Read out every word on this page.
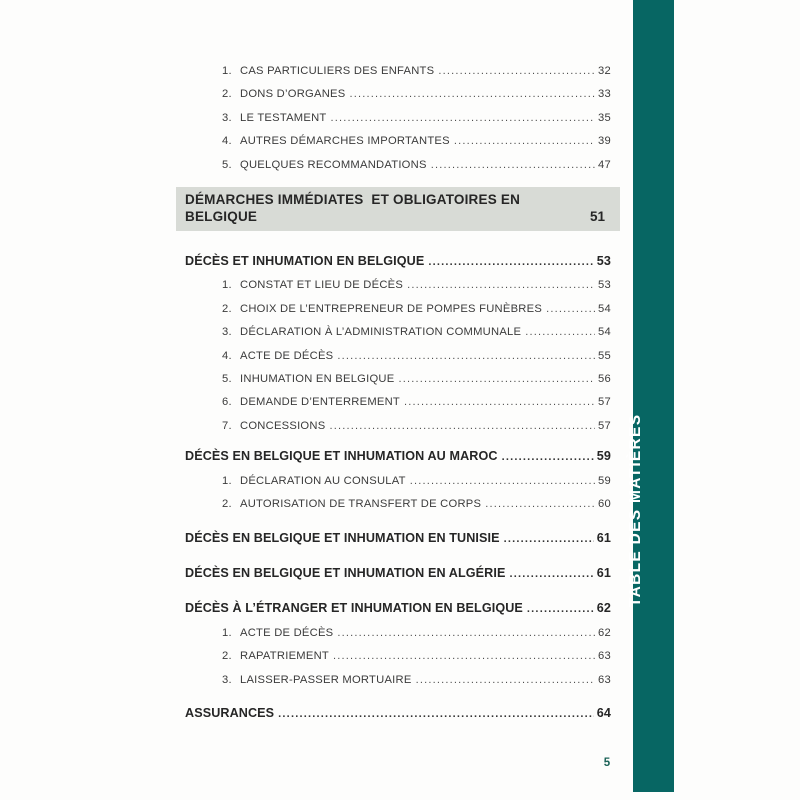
1. CAS PARTICULIERS DES ENFANTS .....	32
2. DONS D’ORGANES .....	33
3. LE TESTAMENT .....	35
4. AUTRES DÉMARCHES IMPORTANTES .....	39
5. QUELQUES RECOMMANDATIONS .....	47
DÉMARCHES IMMÉDIATES  ET OBLIGATOIRES EN
BELGIQUE	51
DÉCÈS ET INHUMATION EN BELGIQUE .....	53
1. CONSTAT ET LIEU DE DÉCÈS .....	53
2. CHOIX DE L’ENTREPRENEUR DE POMPES FUNÈBRES .....	54
3. DÉCLARATION À L’ADMINISTRATION COMMUNALE .....	54
4. ACTE DE DÉCÈS .....	55
5. INHUMATION EN BELGIQUE .....	56
6. DEMANDE D’ENTERREMENT .....	57
7. CONCESSIONS .....	57
DÉCÈS EN BELGIQUE ET INHUMATION AU MAROC .....	59
1. DÉCLARATION AU CONSULAT .....	59
2. AUTORISATION DE TRANSFERT DE CORPS .....	60
DÉCÈS EN BELGIQUE ET INHUMATION EN TUNISIE .....	61
DÉCÈS EN BELGIQUE ET INHUMATION EN ALGÉRIE .....	61
DÉCÈS À L’ÉTRANGER ET INHUMATION EN BELGIQUE .....	62
1. ACTE DE DÉCÈS .....	62
2. RAPATRIEMENT .....	63
3. LAISSER-PASSER MORTUAIRE .....	63
ASSURANCES .....	64
TABLE DES MATIÈRES
5
